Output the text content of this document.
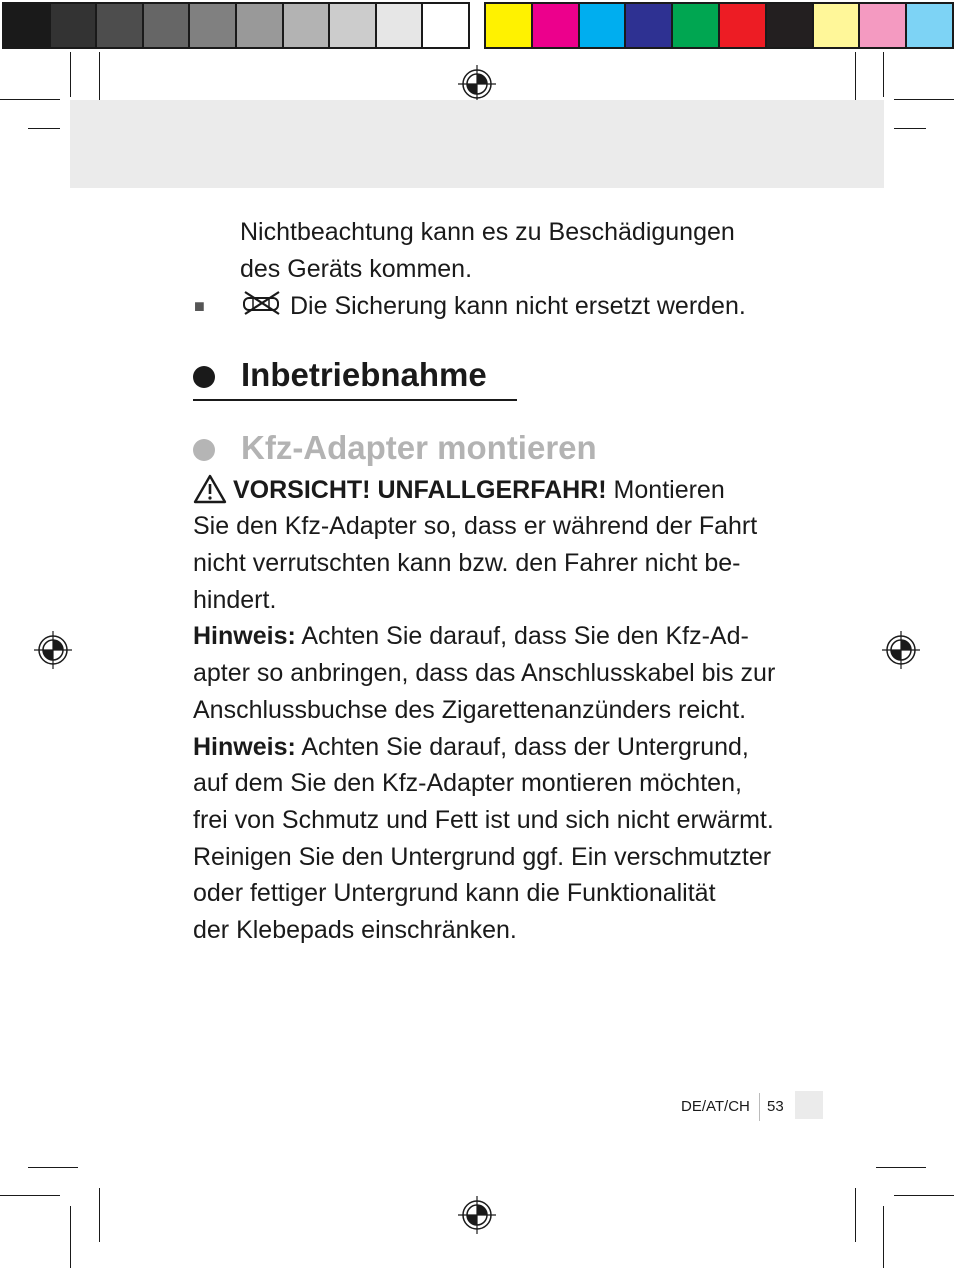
Nichtbeachtung kann es zu Beschädigungen
des Geräts kommen.
■	Die Sicherung kann nicht ersetzt werden.
Inbetriebnahme
Kfz-Adapter montieren
VORSICHT! UNFALLGERFAHR! Montieren
Sie den Kfz-Adapter so, dass er während der Fahrt
nicht verrutschten kann bzw. den Fahrer nicht be-
hindert.
Hinweis: Achten Sie darauf, dass Sie den Kfz-Ad-
apter so anbringen, dass das Anschlusskabel bis zur
Anschlussbuchse des Zigarettenanzünders reicht.
Hinweis: Achten Sie darauf, dass der Untergrund,
auf dem Sie den Kfz-Adapter montieren möchten,
frei von Schmutz und Fett ist und sich nicht erwärmt.
Reinigen Sie den Untergrund ggf. Ein verschmutzter
oder fettiger Untergrund kann die Funktionalität
der Klebepads einschränken.
DE/AT/CH 53
